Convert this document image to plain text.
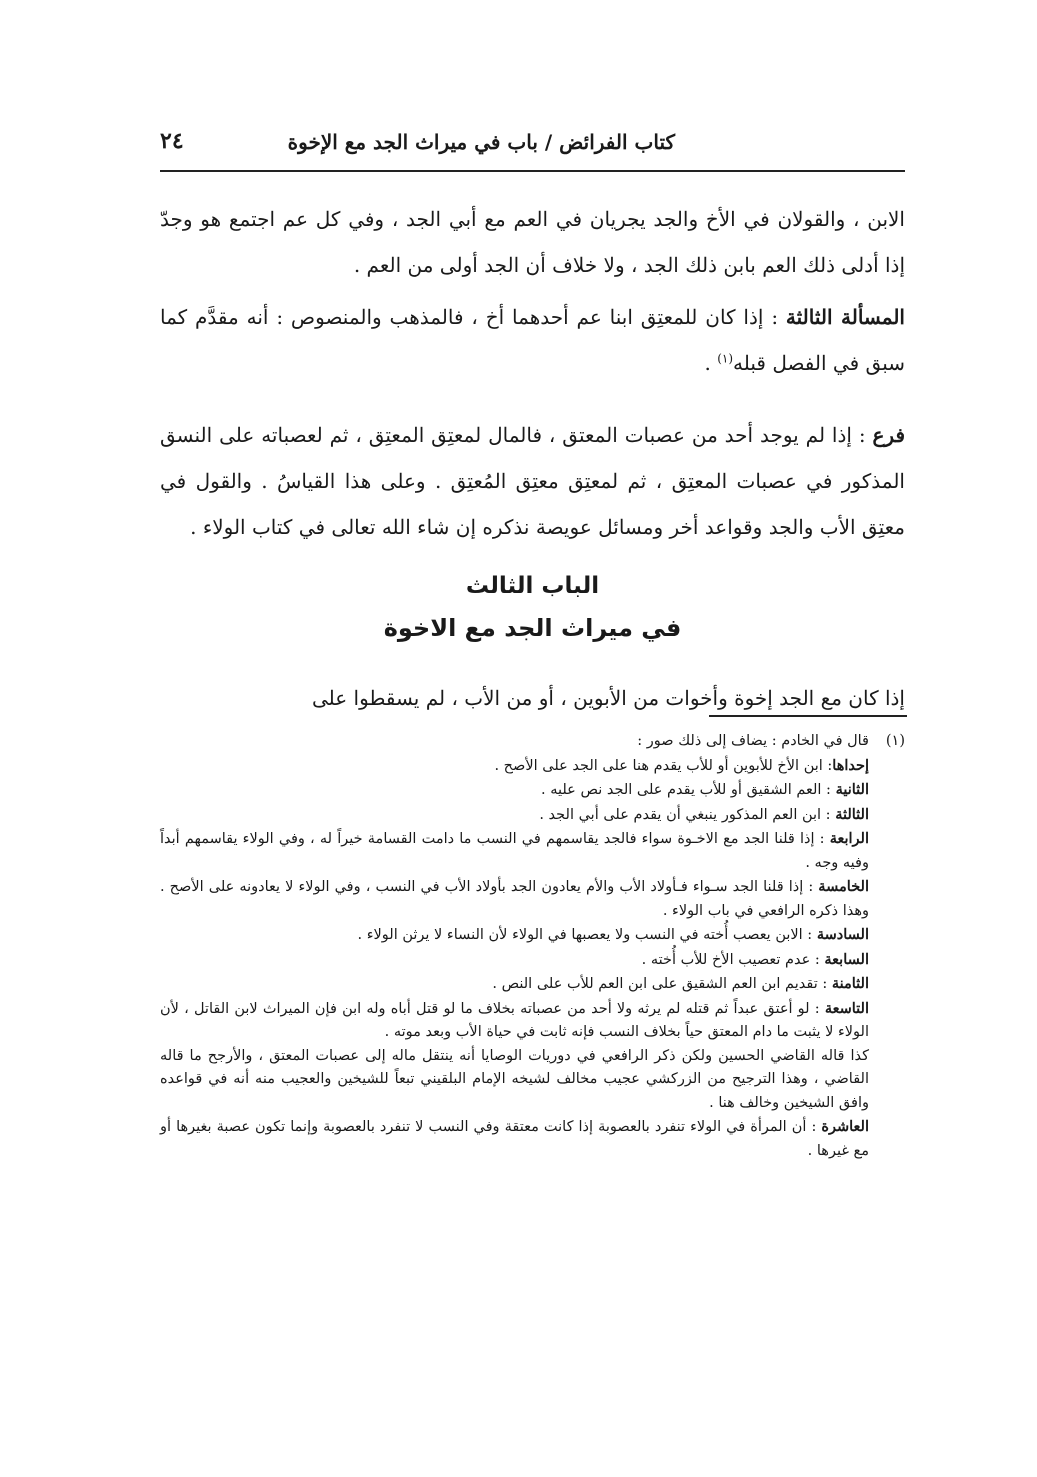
كتاب الفرائض / باب في ميراث الجد مع الإخوة
٢٤

الابن ، والقولان في الأخ والجد يجريان في العم مع أبي الجد ، وفي كل عم اجتمع هو وجدّ إذا أدلى ذلك العم بابن ذلك الجد ، ولا خلاف أن الجد أولى من العم .

المسألة الثالثة : إذا كان للمعتِق ابنا عم أحدهما أخ ، فالمذهب والمنصوص : أنه مقدَّم كما سبق في الفصل قبله$^{(١)}$ .

فرع : إذا لم يوجد أحد من عصبات المعتق ، فالمال لمعتِق المعتِق ، ثم لعصباته على النسق المذكور في عصبات المعتِق ، ثم لمعتِق معتِق المُعتِق . وعلى هذا القياسُ . والقول في معتِق الأب والجد وقواعد أخر ومسائل عويصة نذكره إن شاء الله تعالى في كتاب الولاء .

الباب الثالث
في ميراث الجد مع الاخوة

إذا كان مع الجد إخوة وأخوات من الأبوين ، أو من الأب ، لم يسقطوا على

(١)قال في الخادم : يضاف إلى ذلك صور :

إحداها: ابن الأخ للأبوين أو للأب يقدم هنا على الجد على الأصح .

الثانية : العم الشقيق أو للأب يقدم على الجد نص عليه .

الثالثة : ابن العم المذكور ينبغي أن يقدم على أبي الجد .

الرابعة : إذا قلنا الجد مع الاخـوة سواء فالجد يقاسمهم في النسب ما دامت القسامة خيراً له ، وفي الولاء يقاسمهم أبداً وفيه وجه .

الخامسة : إذا قلنا الجد سـواء فـأولاد الأب والأم يعادون الجد بأولاد الأب في النسب ، وفي الولاء لا يعادونه على الأصح . وهذا ذكره الرافعي في باب الولاء .

السادسة : الابن يعصب أُخته في النسب ولا يعصبها في الولاء لأن النساء لا يرثن الولاء .

السابعة : عدم تعصيب الأخ للأب أُخته .

الثامنة : تقديم ابن العم الشقيق على ابن العم للأب على النص .

التاسعة : لو أعتق عبداً ثم قتله لم يرثه ولا أحد من عصباته بخلاف ما لو قتل أباه وله ابن فإن الميراث لابن القاتل ، لأن الولاء لا يثبت ما دام المعتق حياً بخلاف النسب فإنه ثابت في حياة الأب وبعد موته .

كذا قاله القاضي الحسين ولكن ذكر الرافعي في دوريات الوصايا أنه ينتقل ماله إلى عصبات المعتق ، والأرجح ما قاله القاضي ، وهذا الترجيح من الزركشي عجيب مخالف لشيخه الإمام البلقيني تبعاً للشيخين والعجيب منه أنه في قواعده وافق الشيخين وخالف هنا .

العاشرة : أن المرأة في الولاء تنفرد بالعصوبة إذا كانت معتقة وفي النسب لا تنفرد بالعصوبة وإنما تكون عصبة بغيرها أو مع غيرها .
